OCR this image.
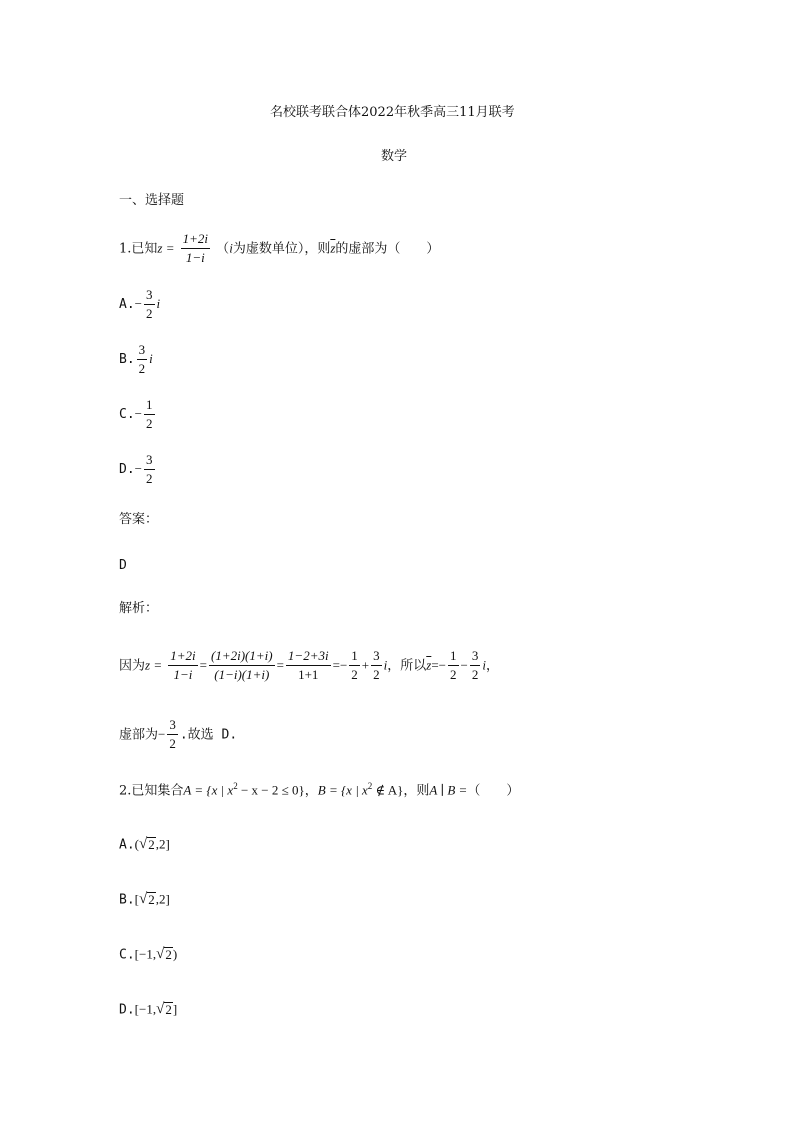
名校联考联合体2022年秋季高三11月联考
数学
一、选择题
1.已知$z = \frac{1+2i}{1-i} (i$为虚数单位），则$\overline{z}$的虚部为（　　）
$A.- \frac{3}{2}$ i
B. $\frac{3}{2}$ i
$C.- \frac{1}{2}$
$D.- \frac{3}{2}$
答案：
D
解析：
因为$z = \frac{1+2i}{1-i} = \frac{(1+2i)(1+i)}{(1-i)(1+i)} = \frac{1-2+3i}{1+1} =- \frac{1}{2} + \frac{3}{2}$ i，所以$\overline{z}=- \frac{1}{2} - \frac{3}{2}$ i，
虚部为− $\frac{3}{2}$ .故选 D.
2.已知集合A = {x | $x^2 - x - 2 \le 0$}，B = {x | $x^2$ ∉ A}，则A ∣ B =（　　）
A.( √ 2 ,2]
B.[ √ 2 ,2]
C.[−1, √ 2 )
D.[−1, √ 2 ]
